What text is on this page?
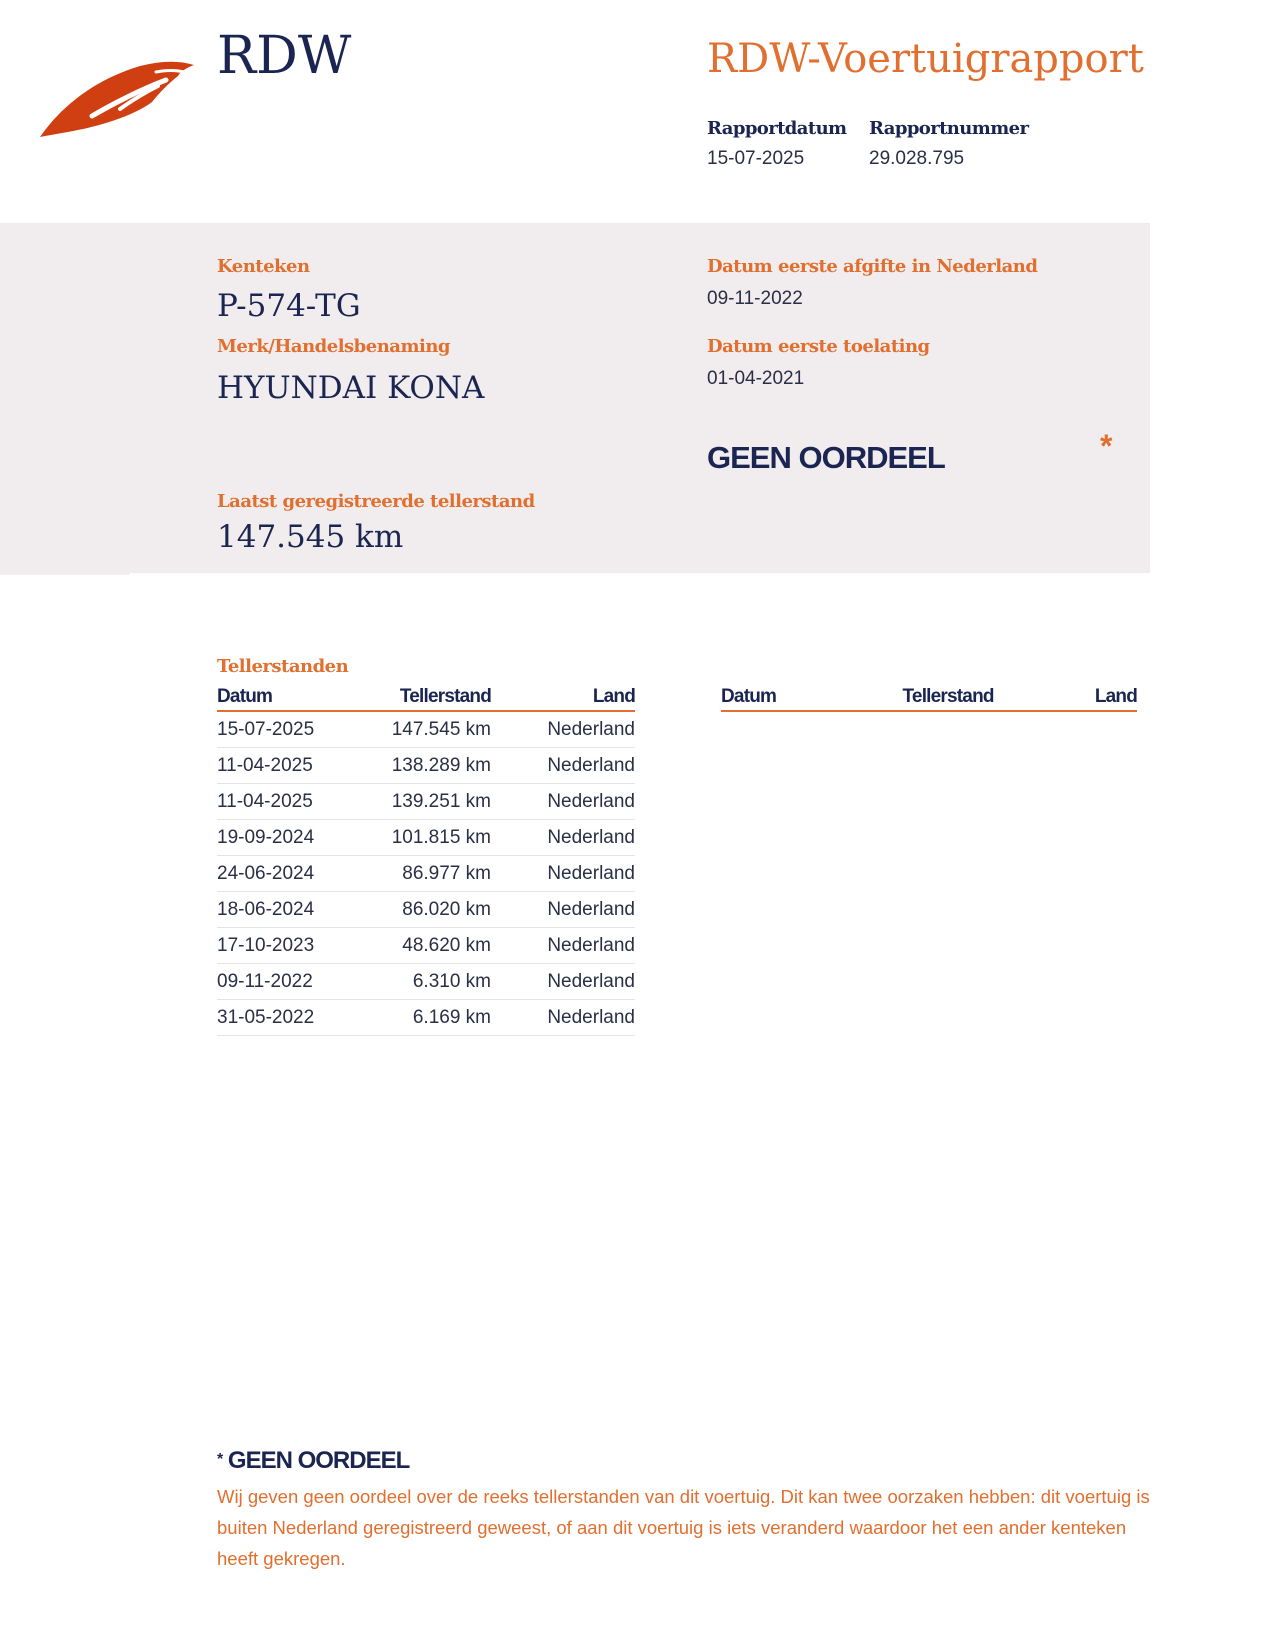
RDW	RDW-Voertuigrapport
Rapportdatum
15-07-2025
Rapportnummer
29.028.795
Kenteken
P-574-TG
Merk/Handelsbenaming
HYUNDAI KONA
Datum eerste afgifte in Nederland
09-11-2022
Datum eerste toelating
01-04-2021
GEEN OORDEEL	*
Laatst geregistreerde tellerstand
147.545 km
Tellerstanden
Datum	Tellerstand	Land
15-07-2025	147.545 km	Nederland
11-04-2025	138.289 km	Nederland
11-04-2025	139.251 km	Nederland
19-09-2024	101.815 km	Nederland
24-06-2024	86.977 km	Nederland
18-06-2024	86.020 km	Nederland
17-10-2023	48.620 km	Nederland
09-11-2022	6.310 km	Nederland
31-05-2022	6.169 km	Nederland
Datum	Tellerstand	Land
* GEEN OORDEEL
Wij geven geen oordeel over de reeks tellerstanden van dit voertuig. Dit kan twee oorzaken hebben: dit voertuig is buiten Nederland geregistreerd geweest, of aan dit voertuig is iets veranderd waardoor het een ander kenteken heeft gekregen.
